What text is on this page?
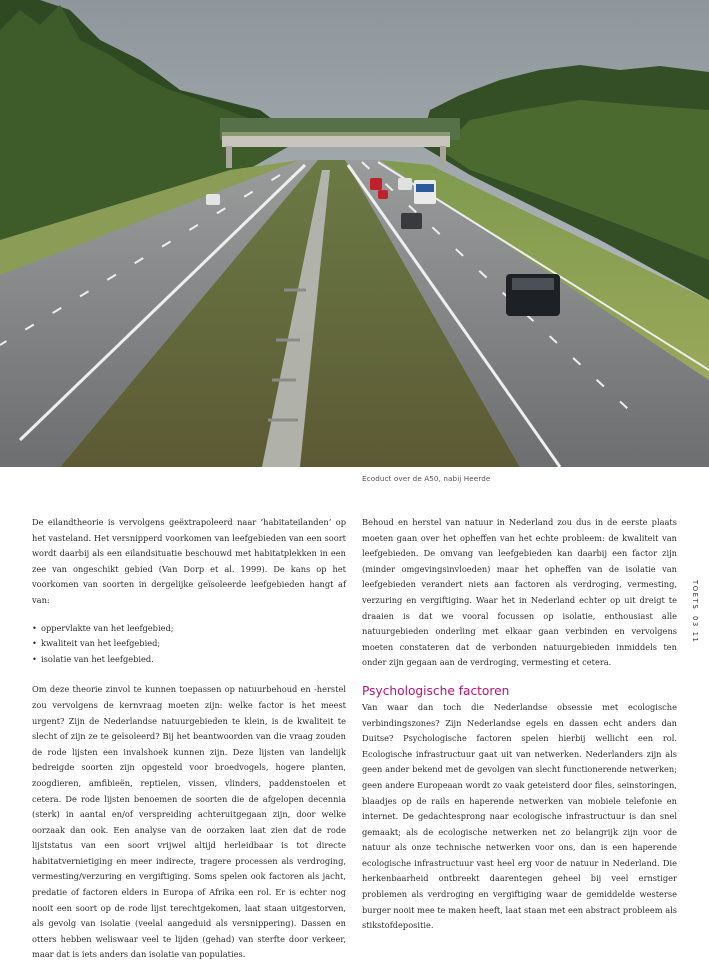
Ecoduct over de A50, nabij Heerde

De eilandtheorie is vervolgens geëxtrapoleerd naar ‘habitateilanden’ op het vasteland. Het versnipperd voorkomen van leefgebieden van een soort wordt daarbij als een eilandsituatie beschouwd met habitatplekken in een zee van ongeschikt gebied (Van Dorp et al. 1999). De kans op het voorkomen van soorten in dergelijke geïsoleerde leefgebieden hangt af van:

• oppervlakte van het leefgebied;
• kwaliteit van het leefgebied;
• isolatie van het leefgebied.

Om deze theorie zinvol te kunnen toepassen op natuurbehoud en -herstel zou vervolgens de kernvraag moeten zijn: welke factor is het meest urgent? Zijn de Nederlandse natuurgebieden te klein, is de kwaliteit te slecht of zijn ze te geïsoleerd? Bij het beantwoorden van die vraag zouden de rode lijsten een invalshoek kunnen zijn. Deze lijsten van landelijk bedreigde soorten zijn opgesteld voor broedvogels, hogere planten, zoogdieren, amfibieën, reptielen, vissen, vlinders, paddenstoelen et cetera. De rode lijsten benoemen de soorten die de afgelopen decennia (sterk) in aantal en/of verspreiding achteruitgegaan zijn, door welke oorzaak dan ook. Een analyse van de oorzaken laat zien dat de rode lijststatus van een soort vrijwel altijd herleidbaar is tot directe habitatvernietiging en meer indirecte, tragere processen als verdroging, vermesting/verzuring en vergiftiging. Soms spelen ook factoren als jacht, predatie of factoren elders in Europa of Afrika een rol. Er is echter nog nooit een soort op de rode lijst terechtgekomen, laat staan uitgestorven, als gevolg van isolatie (veelal aangeduid als versnippering). Dassen en otters hebben weliswaar veel te lijden (gehad) van sterfte door verkeer, maar dat is iets anders dan isolatie van populaties.

Behoud en herstel van natuur in Nederland zou dus in de eerste plaats moeten gaan over het opheffen van het echte probleem: de kwaliteit van leefgebieden. De omvang van leefgebieden kan daarbij een factor zijn (minder omgevingsinvloeden) maar het opheffen van de isolatie van leefgebieden verandert niets aan factoren als verdroging, vermesting, verzuring en vergiftiging. Waar het in Nederland echter op uit dreigt te draaien is dat we vooral focussen op isolatie, enthousiast alle natuurgebieden onderling met elkaar gaan verbinden en vervolgens moeten constateren dat de verbonden natuurgebieden inmiddels ten onder zijn gegaan aan de verdroging, vermesting et cetera.

Psychologische factoren

Van waar dan toch die Nederlandse obsessie met ecologische verbindingszones? Zijn Nederlandse egels en dassen echt anders dan Duitse? Psychologische factoren spelen hierbij wellicht een rol. Ecologische infrastructuur gaat uit van netwerken. Nederlanders zijn als geen ander bekend met de gevolgen van slecht functionerende netwerken; geen andere Europeaan wordt zo vaak geteisterd door files, seinstoringen, blaadjes op de rails en haperende netwerken van mobiele telefonie en internet. De gedachtesprong naar ecologische infrastructuur is dan snel gemaakt; als de ecologische netwerken net zo belangrijk zijn voor de natuur als onze technische netwerken voor ons, dan is een haperende ecologische infrastructuur vast heel erg voor de natuur in Nederland. Die herkenbaarheid ontbreekt daarentegen geheel bij veel ernstiger problemen als verdroging en vergiftiging waar de gemiddelde westerse burger nooit mee te maken heeft, laat staan met een abstract probleem als stikstofdepositie.

TOETS
03 11
